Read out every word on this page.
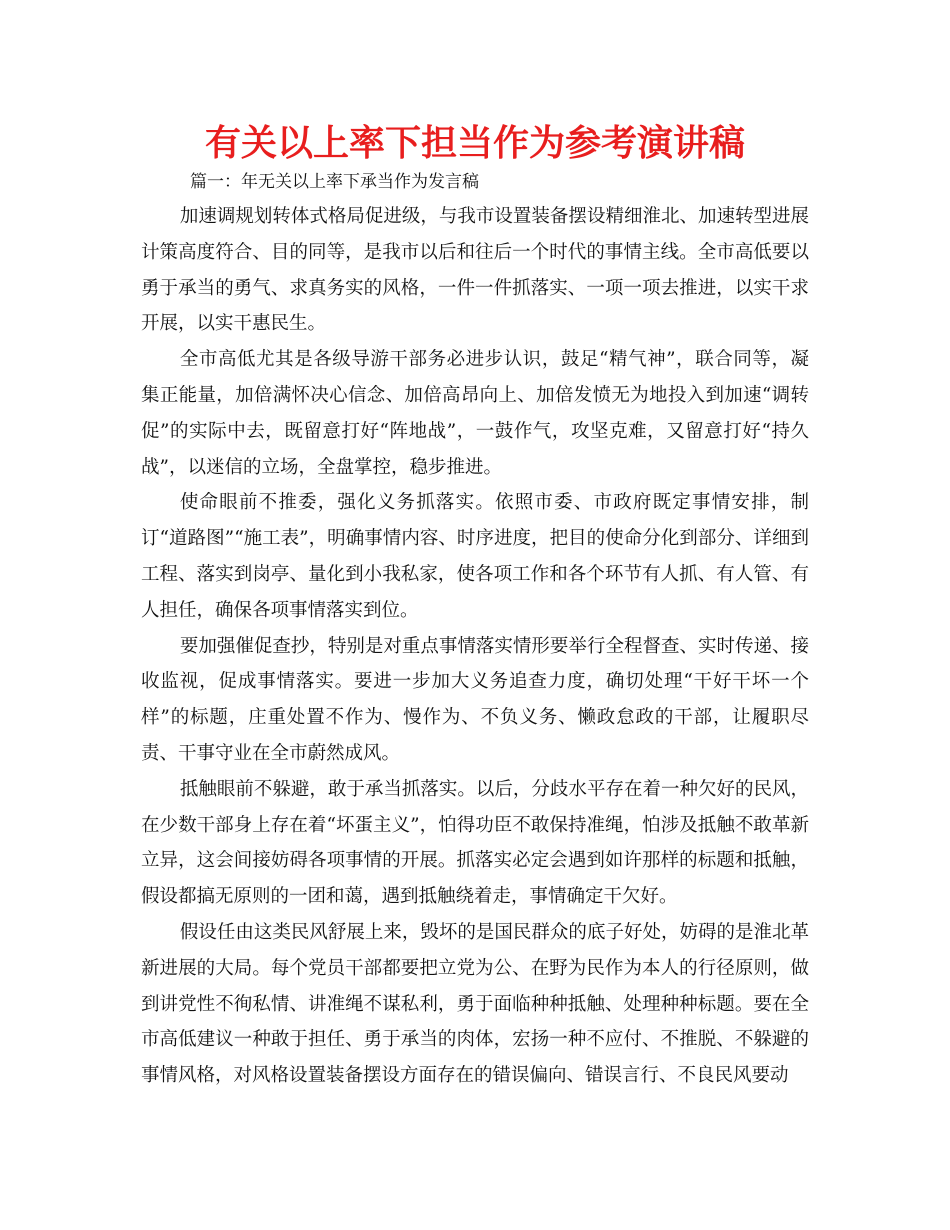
有关以上率下担当作为参考演讲稿

篇一：年无关以上率下承当作为发言稿

加速调规划转体式格局促进级，与我市设置装备摆设精细淮北、加速转型进展计策高度符合、目的同等，是我市以后和往后一个时代的事情主线。全市高低要以勇于承当的勇气、求真务实的风格，一件一件抓落实、一项一项去推进，以实干求开展，以实干惠民生。

全市高低尤其是各级导游干部务必进步认识，鼓足“精气神”，联合同等，凝集正能量，加倍满怀决心信念、加倍高昂向上、加倍发愤无为地投入到加速“调转促”的实际中去，既留意打好“阵地战”，一鼓作气，攻坚克难，又留意打好“持久战”，以迷信的立场，全盘掌控，稳步推进。

使命眼前不推委，强化义务抓落实。依照市委、市政府既定事情安排，制订“道路图”“施工表”，明确事情内容、时序进度，把目的使命分化到部分、详细到工程、落实到岗亭、量化到小我私家，使各项工作和各个环节有人抓、有人管、有人担任，确保各项事情落实到位。

要加强催促查抄，特别是对重点事情落实情形要举行全程督查、实时传递、接收监视，促成事情落实。要进一步加大义务追查力度，确切处理“干好干坏一个样”的标题，庄重处置不作为、慢作为、不负义务、懒政怠政的干部，让履职尽责、干事守业在全市蔚然成风。

抵触眼前不躲避，敢于承当抓落实。以后，分歧水平存在着一种欠好的民风，在少数干部身上存在着“坏蛋主义”，怕得功臣不敢保持准绳，怕涉及抵触不敢革新立异，这会间接妨碍各项事情的开展。抓落实必定会遇到如许那样的标题和抵触，假设都搞无原则的一团和蔼，遇到抵触绕着走，事情确定干欠好。

假设任由这类民风舒展上来，毁坏的是国民群众的底子好处，妨碍的是淮北革新进展的大局。每个党员干部都要把立党为公、在野为民作为本人的行径原则，做到讲党性不徇私情、讲准绳不谋私利，勇于面临种种抵触、处理种种标题。要在全市高低建议一种敢于担任、勇于承当的肉体，宏扬一种不应付、不推脱、不躲避的事情风格，对风格设置装备摆设方面存在的错误偏向、错误言行、不良民风要动
